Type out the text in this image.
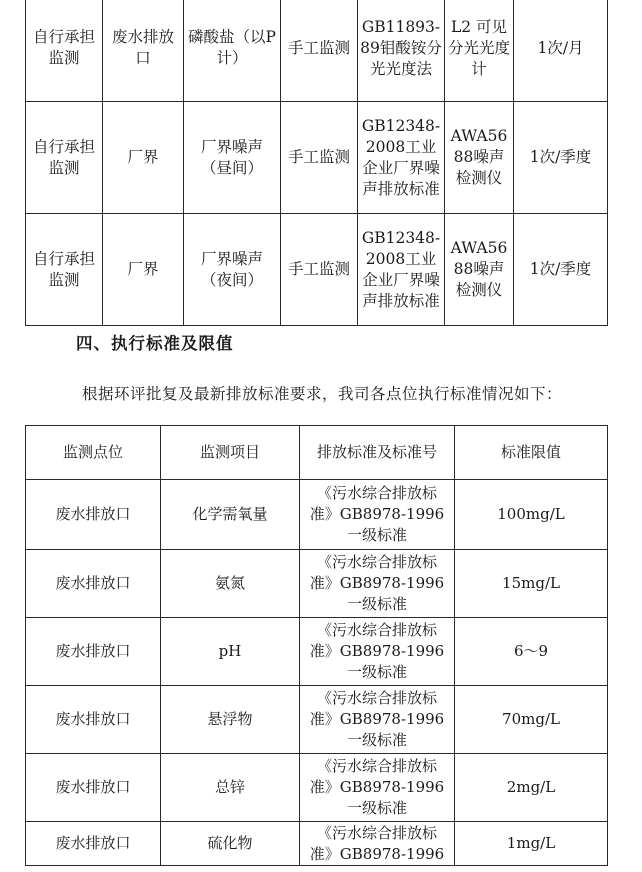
自行承担监测	废水排放口	磷酸盐（以P计）	手工监测	GB11893-89钼酸铵分光光度法	L2 可见分光光度计	1次/月
自行承担监测	厂界	厂界噪声（昼间）	手工监测	GB12348-2008工业企业厂界噪声排放标准	AWA5688噪声检测仪	1次/季度
自行承担监测	厂界	厂界噪声（夜间）	手工监测	GB12348-2008工业企业厂界噪声排放标准	AWA5688噪声检测仪	1次/季度
四、执行标准及限值

根据环评批复及最新排放标准要求，我司各点位执行标准情况如下：

监测点位	监测项目	排放标准及标准号	标准限值
废水排放口	化学需氧量	《污水综合排放标
准》GB8978-1996
一级标准	100mg/L
废水排放口	氨氮	《污水综合排放标
准》GB8978-1996
一级标准	15mg/L
废水排放口	pH	《污水综合排放标
准》GB8978-1996
一级标准	6～9
废水排放口	悬浮物	《污水综合排放标
准》GB8978-1996
一级标准	70mg/L
废水排放口	总锌	《污水综合排放标
准》GB8978-1996
一级标准	2mg/L
废水排放口	硫化物	《污水综合排放标
准》GB8978-1996	1mg/L
